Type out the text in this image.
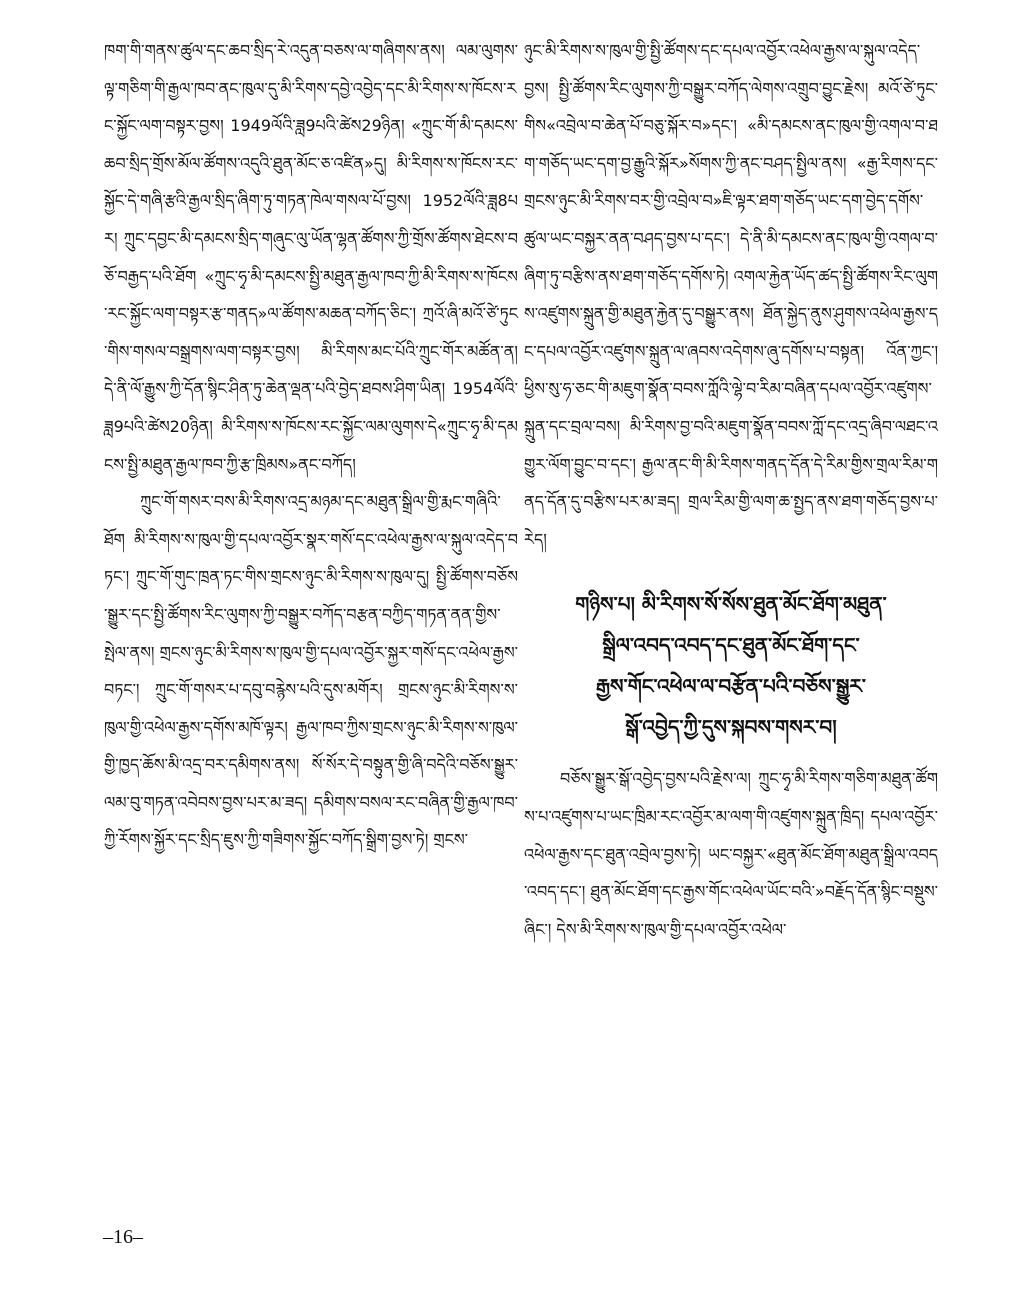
ཁག་གི་གནས་ཚུལ་དང་ཆབ་སྲིད་རེ་འདུན་བཅས་ལ་གཞིགས་ནས། ལམ་ལུགས་ལྟ་གཅིག་གི་རྒྱལ་ཁབ་ནང་ཁུལ་དུ་མི་རིགས་དབྱེ་འབྱེད་དང་མི་རིགས་ས་ཁོངས་རང་སྐྱོང་ལག་བསྟར་བྱས། 1949ལོའི་ཟླ9པའི་ཚེས29ཉིན། «ཀྲུང་གོ་མི་དམངས་ཆབ་སྲིད་གྲོས་མོལ་ཚོགས་འདུའི་ཐུན་མོང་ཅ་འཛིན»དུ། མི་རིགས་ས་ཁོངས་རང་སྐྱོང་དེ་གཞི་རྩའི་རྒྱལ་སྲིད་ཞིག་ཏུ་གཏན་ཁེལ་གསལ་པོ་བྱས། 1952ལོའི་ཟླ8པར། ཀྲུང་དབྱང་མི་དམངས་སྲིད་གཞུང་ལུ་ཡོན་ལྷན་ཚོགས་ཀྱི་གྲོས་ཚོགས་ཐེངས་བཅོ་བརྒྱད་པའི་ཐོག «ཀྲུང་ཧྭ་མི་དམངས་སྤྱི་མཐུན་རྒྱལ་ཁབ་ཀྱི་མི་རིགས་ས་ཁོངས་རང་སྐྱོང་ལག་བསྟར་རྩ་གནད»ལ་ཚོགས་མཆན་བཀོད་ཅིང་། ཀྲའོ་ཞི་མའོ་ཙེ་ཏུང་གིས་གསལ་བསྒྲགས་ལག་བསྟར་བྱས། མི་རིགས་མང་པོའི་ཀྲུང་གོར་མཚོན་ན། དེ་ནི་ལོ་རྒྱུས་ཀྱི་དོན་སྙིང་ཤིན་ཏུ་ཆེན་ལྡན་པའི་བྱེད་ཐབས་ཤིག་ཡིན། 1954ལོའི་ཟླ9པའི་ཚེས20ཉིན། མི་རིགས་ས་ཁོངས་རང་སྐྱོང་ལམ་ལུགས་དེ«ཀྲུང་ཧྭ་མི་དམངས་སྤྱི་མཐུན་རྒྱལ་ཁབ་ཀྱི་རྩ་ཁྲིམས»ནང་བཀོད།

ཀྲུང་གོ་གསར་བས་མི་རིགས་འདྲ་མཉམ་དང་མཐུན་སྒྲིལ་གྱི་རྨང་གཞིའི་ཐོག མི་རིགས་ས་ཁུལ་གྱི་དཔལ་འབྱོར་སྣར་གསོ་དང་འཕེལ་རྒྱས་ལ་སྐུལ་འདེད་བཏང་། ཀྲུང་གོ་གུང་ཁྲན་ཏང་གིས་གྲངས་ཉུང་མི་རིགས་ས་ཁུལ་དུ། སྤྱི་ཚོགས་བཅོས་སྒྱུར་དང་སྤྱི་ཚོགས་རིང་ལུགས་ཀྱི་བསྒྱུར་བཀོད་བརྩན་བཀྱིད་གཏན་ནན་གྱིས་སྤེལ་ནས། གྲངས་ཉུང་མི་རིགས་ས་ཁུལ་གྱི་དཔལ་འབྱོར་སྐྱར་གསོ་དང་འཕེལ་རྒྱས་བཏང་། ཀྲུང་གོ་གསར་པ་དབུ་བརྙེས་པའི་དུས་མགོར། གྲངས་ཉུང་མི་རིགས་ས་ཁུལ་གྱི་འཕེལ་རྒྱས་དགོས་མཁོ་ལྟར། རྒྱལ་ཁབ་ཀྱིས་གྲངས་ཉུང་མི་རིགས་ས་ཁུལ་གྱི་ཁྱད་ཆོས་མི་འདྲ་བར་དམིགས་ནས། སོ་སོར་དེ་བསྟུན་གྱི་ཞི་བདེའི་བཅོས་སྒྱུར་ལམ་བུ་གཏན་འབེབས་བྱས་པར་མ་ཟད། དམིགས་བསལ་རང་བཞིན་གྱི་རྒྱལ་ཁབ་ཀྱི་རོགས་སྐྱོར་དང་སྲིད་ཇུས་ཀྱི་གཟིགས་སྐྱོང་བཀོད་སྒྲིག་བྱས་ཏེ། གྲངས་

ཉུང་མི་རིགས་ས་ཁུལ་གྱི་སྤྱི་ཚོགས་དང་དཔལ་འབྱོར་འཕེལ་རྒྱས་ལ་སྐུལ་འདེད་བྱས། སྤྱི་ཚོགས་རིང་ལུགས་ཀྱི་བསྒྱུར་བཀོད་ལེགས་འགྲུབ་བྱུང་རྗེས། མའོ་ཙེ་ཏུང་གིས«འབྲེལ་བ་ཆེན་པོ་བཅུ་སྐོར་བ»དང་། «མི་དམངས་ནང་ཁུལ་གྱི་འགལ་བ་ཐག་གཅོད་ཡང་དག་བྱ་རྒྱུའི་སྐོར»སོགས་ཀྱི་ནང་བཤད་སྤྱིལ་ནས། «རྒྱ་རིགས་དང་གྲངས་ཉུང་མི་རིགས་བར་གྱི་འབྲེལ་བ»ཇི་ལྟར་ཐག་གཅོད་ཡང་དག་བྱེད་དགོས་ཚུལ་ཡང་བསྐྱར་ནན་བཤད་བྱས་པ་དང་། དེ་ནི་མི་དམངས་ནང་ཁུལ་གྱི་འགལ་བ་ཞིག་ཏུ་བརྩིས་ནས་ཐག་གཅོད་དགོས་ཏེ། འགལ་རྐྱེན་ཡོད་ཚད་སྤྱི་ཚོགས་རིང་ལུགས་འཛུགས་སྐྲུན་གྱི་མཐུན་རྐྱེན་དུ་བསྒྱུར་ནས། ཐོན་སྐྱེད་ནུས་ཤུགས་འཕེལ་རྒྱས་དང་དཔལ་འབྱོར་འཛུགས་སྐྲུན་ལ་ཞབས་འདེགས་ཞུ་དགོས་པ་བསྟན། འོན་ཀྱང་། ཕྱིས་སུ་ཧ་ཅང་གི་མཇུག་སྣོན་བབས་ཀློའི་ལྷེ་བ་རིམ་བཞིན་དཔལ་འབྱོར་འཛུགས་སྐྲུན་དང་བྲལ་བས། མི་རིགས་བྱ་བའི་མཇུག་སྣོན་བབས་ཀློ་དང་འདྲ་ཞིབ་ལཐང་འགྱུར་ལོག་བྱུང་བ་དང་། རྒྱལ་ནང་གི་མི་རིགས་གནད་དོན་དེ་རིམ་གྱིས་གྲལ་རིམ་གནད་དོན་དུ་བརྩིས་པར་མ་ཟད། གྲལ་རིམ་གྱི་ལག་ཆ་སྤྱད་ནས་ཐག་གཅོད་བྱས་པ་རེད།

གཉིས་པ། མི་རིགས་སོ་སོས་ཐུན་མོང་ཐོག་མཐུན་
སྒྲིལ་འབད་འབད་དང་ཐུན་མོང་ཐོག་དང་
རྒྱས་གོང་འཕེལ་ལ་བརྩོན་པའི་བཅོས་སྒྱུར་
སྒོ་འབྱེད་ཀྱི་དུས་སྐབས་གསར་བ།

བཅོས་སྒྱུར་སྒོ་འབྱེད་བྱས་པའི་རྗེས་ལ། ཀྲུང་ཧྭ་མི་རིགས་གཅིག་མཐུན་ཚོགས་པ་འཛུགས་པ་ཡང་ཁྲིམ་རང་འབྱོར་མ་ལག་གི་འཛུགས་སྐྲུན་ཁྲིད། དཔལ་འབྱོར་འཕེལ་རྒྱས་དང་ཐུན་འབྲེལ་བྱས་ཏེ། ཡང་བསྐྱར་«ཐུན་མོང་ཐོག་མཐུན་སྒྲིལ་འབད་འབད་དང་། ཐུན་མོང་ཐོག་དང་རྒྱས་གོང་འཕེལ་ཡོང་བའི་»བརྗོད་དོན་སྙིང་བསྡུས་ཞིང་། དེས་མི་རིགས་ས་ཁུལ་གྱི་དཔལ་འབྱོར་འཕེལ་

–16–
